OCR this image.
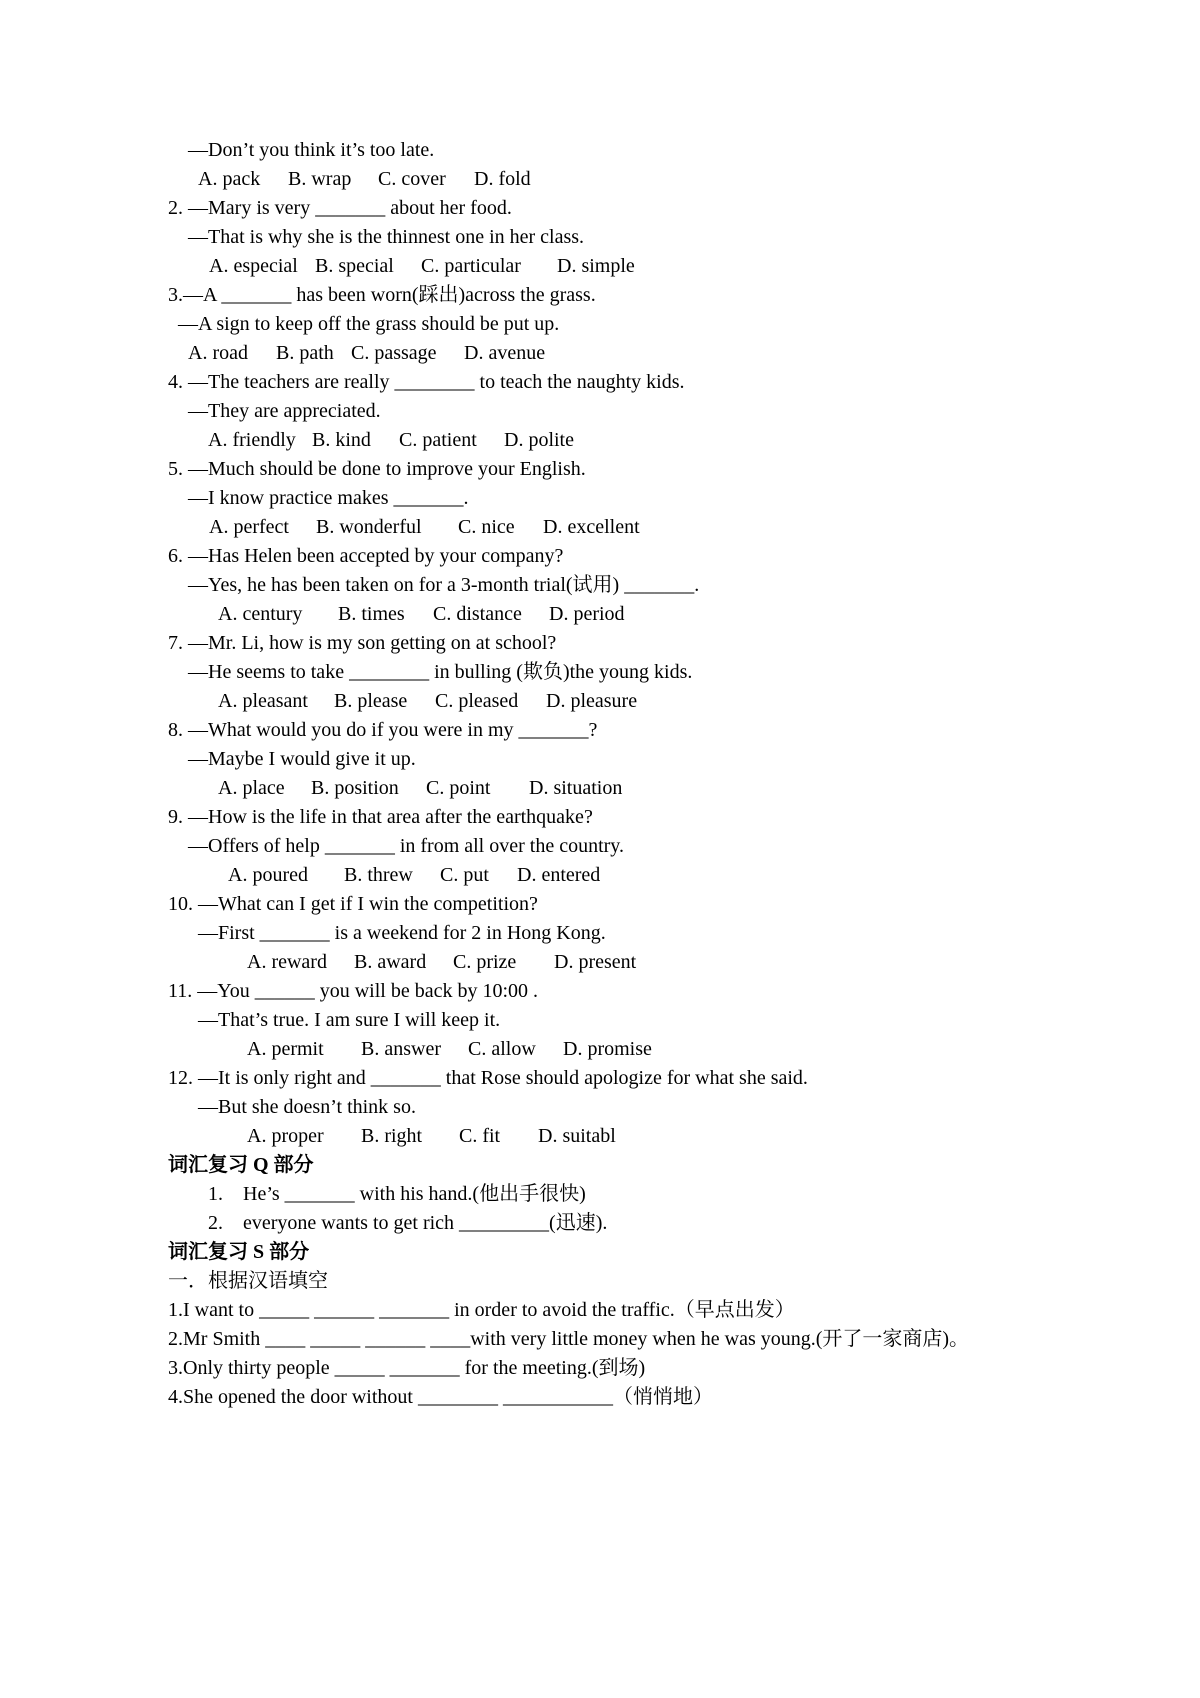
—Don’t you think it’s too late.
A. pack B. wrap C. cover D. fold
2. —Mary is very _______ about her food.
—That is why she is the thinnest one in her class.
A. especial B. special C. particular D. simple
3.—A _______ has been worn(踩出)across the grass.
—A sign to keep off the grass should be put up.
A. road B. path C. passage D. avenue
4. —The teachers are really ________ to teach the naughty kids.
—They are appreciated.
A. friendly B. kind C. patient D. polite
5. —Much should be done to improve your English.
—I know practice makes _______.
A. perfect B. wonderful C. nice D. excellent
6. —Has Helen been accepted by your company?
—Yes, he has been taken on for a 3-month trial(试用) _______.
A. century B. times C. distance D. period
7. —Mr. Li, how is my son getting on at school?
—He seems to take ________ in bulling (欺负)the young kids.
A. pleasant B. please C. pleased D. pleasure
8. —What would you do if you were in my _______?
—Maybe I would give it up.
A. place B. position C. point D. situation
9. —How is the life in that area after the earthquake?
—Offers of help _______ in from all over the country.
A. poured B. threw C. put D. entered
10. —What can I get if I win the competition?
—First _______ is a weekend for 2 in Hong Kong.
A. reward B. award C. prize D. present
11. —You ______ you will be back by 10:00 .
—That’s true. I am sure I will keep it.
A. permit B. answer C. allow D. promise
12. —It is only right and _______ that Rose should apologize for what she said.
—But she doesn’t think so.
A. proper B. right C. fit D. suitabl
词汇复习 Q 部分
1.    He’s _______ with his hand.(他出手很快)
2.    everyone wants to get rich _________(迅速).
词汇复习 S 部分
一．根据汉语填空
1.I want to _____ ______ _______ in order to avoid the traffic.（早点出发）
2.Mr Smith ____ _____ ______ ____with very little money when he was young.(开了一家商店)。
3.Only thirty people _____ _______ for the meeting.(到场)
4.She opened the door without ________ ___________（悄悄地）
